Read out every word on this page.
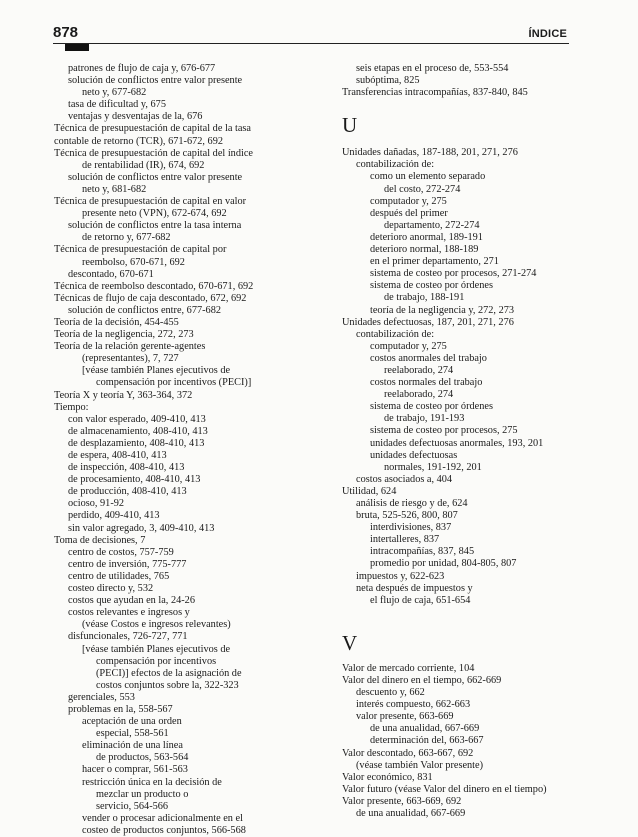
878	ÍNDICE
patrones de flujo de caja y, 676-677
solución de conflictos entre valor presente
neto y, 677-682
tasa de dificultad y, 675
ventajas y desventajas de la, 676
Técnica de presupuestación de capital de la tasa
contable de retorno (TCR), 671-672, 692
Técnica de presupuestación de capital del índice
de rentabilidad (IR), 674, 692
solución de conflictos entre valor presente
neto y, 681-682
Técnica de presupuestación de capital en valor
presente neto (VPN), 672-674, 692
solución de conflictos entre la tasa interna
de retorno y, 677-682
Técnica de presupuestación de capital por
reembolso, 670-671, 692
descontado, 670-671
Técnica de reembolso descontado, 670-671, 692
Técnicas de flujo de caja descontado, 672, 692
solución de conflictos entre, 677-682
Teoría de la decisión, 454-455
Teoría de la negligencia, 272, 273
Teoría de la relación gerente-agentes
(representantes), 7, 727
[véase también Planes ejecutivos de
compensación por incentivos (PECI)]
Teoría X y teoría Y, 363-364, 372
Tiempo:
con valor esperado, 409-410, 413
de almacenamiento, 408-410, 413
de desplazamiento, 408-410, 413
de espera, 408-410, 413
de inspección, 408-410, 413
de procesamiento, 408-410, 413
de producción, 408-410, 413
ocioso, 91-92
perdido, 409-410, 413
sin valor agregado, 3, 409-410, 413
Toma de decisiones, 7
centro de costos, 757-759
centro de inversión, 775-777
centro de utilidades, 765
costeo directo y, 532
costos que ayudan en la, 24-26
costos relevantes e ingresos y
(véase Costos e ingresos relevantes)
disfuncionales, 726-727, 771
[véase también Planes ejecutivos de
compensación por incentivos
(PECI)] efectos de la asignación de
costos conjuntos sobre la, 322-323
gerenciales, 553
problemas en la, 558-567
aceptación de una orden
especial, 558-561
eliminación de una línea
de productos, 563-564
hacer o comprar, 561-563
restricción única en la decisión de
mezclar un producto o
servicio, 564-566
vender o procesar adicionalmente en el
costeo de productos conjuntos, 566-568
seis etapas en el proceso de, 553-554
subóptima, 825
Transferencias intracompañías, 837-840, 845
U
Unidades dañadas, 187-188, 201, 271, 276
contabilización de:
como un elemento separado
del costo, 272-274
computador y, 275
después del primer
departamento, 272-274
deterioro anormal, 189-191
deterioro normal, 188-189
en el primer departamento, 271
sistema de costeo por procesos, 271-274
sistema de costeo por órdenes
de trabajo, 188-191
teoría de la negligencia y, 272, 273
Unidades defectuosas, 187, 201, 271, 276
contabilización de:
computador y, 275
costos anormales del trabajo
reelaborado, 274
costos normales del trabajo
reelaborado, 274
sistema de costeo por órdenes
de trabajo, 191-193
sistema de costeo por procesos, 275
unidades defectuosas anormales, 193, 201
unidades defectuosas
normales, 191-192, 201
costos asociados a, 404
Utilidad, 624
análisis de riesgo y de, 624
bruta, 525-526, 800, 807
interdivisiones, 837
intertalleres, 837
intracompañías, 837, 845
promedio por unidad, 804-805, 807
impuestos y, 622-623
neta después de impuestos y
el flujo de caja, 651-654
V
Valor de mercado corriente, 104
Valor del dinero en el tiempo, 662-669
descuento y, 662
interés compuesto, 662-663
valor presente, 663-669
de una anualidad, 667-669
determinación del, 663-667
Valor descontado, 663-667, 692
(véase también Valor presente)
Valor económico, 831
Valor futuro (véase Valor del dinero en el tiempo)
Valor presente, 663-669, 692
de una anualidad, 667-669
